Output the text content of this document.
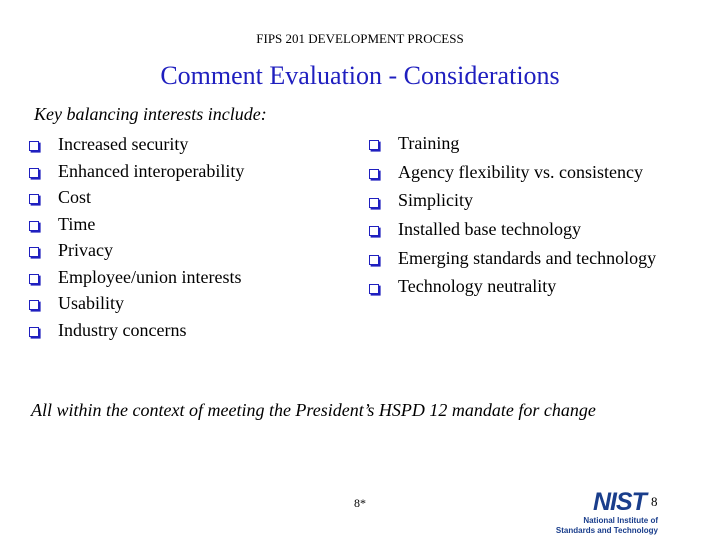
FIPS 201 DEVELOPMENT PROCESS
Comment Evaluation - Considerations
Key balancing interests include:
Increased security
Enhanced interoperability
Cost
Time
Privacy
Employee/union interests
Usability
Industry concerns
Training
Agency flexibility vs. consistency
Simplicity
Installed base technology
Emerging standards and technology
Technology neutrality
All within the context of meeting the President’s HSPD 12 mandate for change
8*	NIST
National Institute of
Standards and Technology
8
